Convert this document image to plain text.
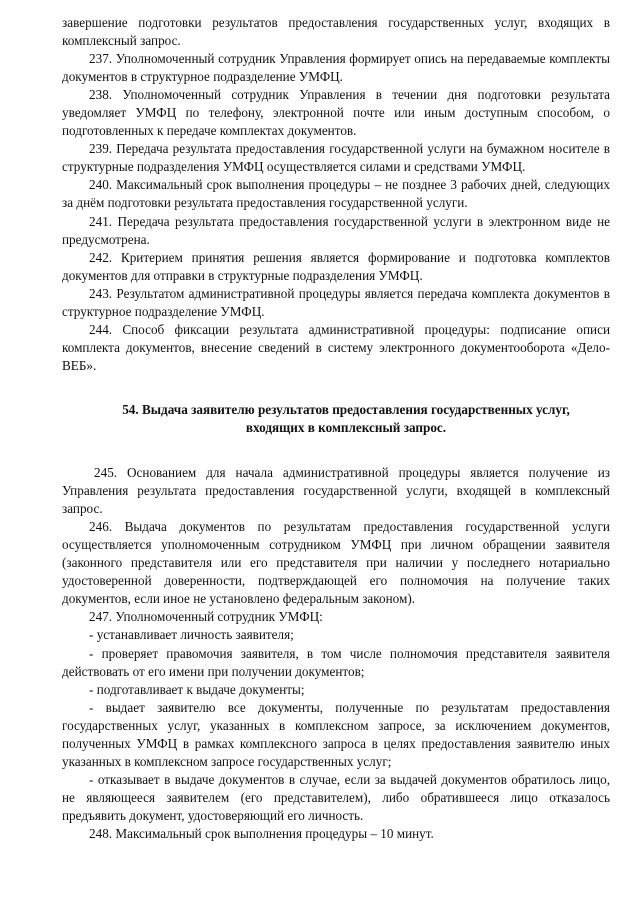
завершение подготовки результатов предоставления государственных услуг, входящих в комплексный запрос.

237. Уполномоченный сотрудник Управления формирует опись на передаваемые комплекты документов в структурное подразделение УМФЦ.

238. Уполномоченный сотрудник Управления в течении дня подготовки результата уведомляет УМФЦ по телефону, электронной почте или иным доступным способом, о подготовленных к передаче комплектах документов.

239. Передача результата предоставления государственной услуги на бумажном носителе в структурные подразделения УМФЦ осуществляется силами и средствами УМФЦ.

240. Максимальный срок выполнения процедуры – не позднее 3 рабочих дней, следующих за днём подготовки результата предоставления государственной услуги.

241. Передача результата предоставления государственной услуги в электронном виде не предусмотрена.

242. Критерием принятия решения является формирование и подготовка комплектов документов для отправки в структурные подразделения УМФЦ.

243. Результатом административной процедуры является передача комплекта документов в структурное подразделение УМФЦ.

244. Способ фиксации результата административной процедуры: подписание описи комплекта документов, внесение сведений в систему электронного документооборота «Дело-ВЕБ».

54. Выдача заявителю результатов предоставления государственных услуг,
входящих в комплексный запрос.

245. Основанием для начала административной процедуры является получение из Управления результата предоставления государственной услуги, входящей в комплексный запрос.

246. Выдача документов по результатам предоставления государственной услуги осуществляется уполномоченным сотрудником УМФЦ при личном обращении заявителя (законного представителя или его представителя при наличии у последнего нотариально удостоверенной доверенности, подтверждающей его полномочия на получение таких документов, если иное не установлено федеральным законом).

247. Уполномоченный сотрудник УМФЦ:

- устанавливает личность заявителя;

- проверяет правомочия заявителя, в том числе полномочия представителя заявителя действовать от его имени при получении документов;

- подготавливает к выдаче документы;

- выдает заявителю все документы, полученные по результатам предоставления государственных услуг, указанных в комплексном запросе, за исключением документов, полученных УМФЦ в рамках комплексного запроса в целях предоставления заявителю иных указанных в комплексном запросе государственных услуг;

- отказывает в выдаче документов в случае, если за выдачей документов обратилось лицо, не являющееся заявителем (его представителем), либо обратившееся лицо отказалось предъявить документ, удостоверяющий его личность.

248. Максимальный срок выполнения процедуры – 10 минут.
